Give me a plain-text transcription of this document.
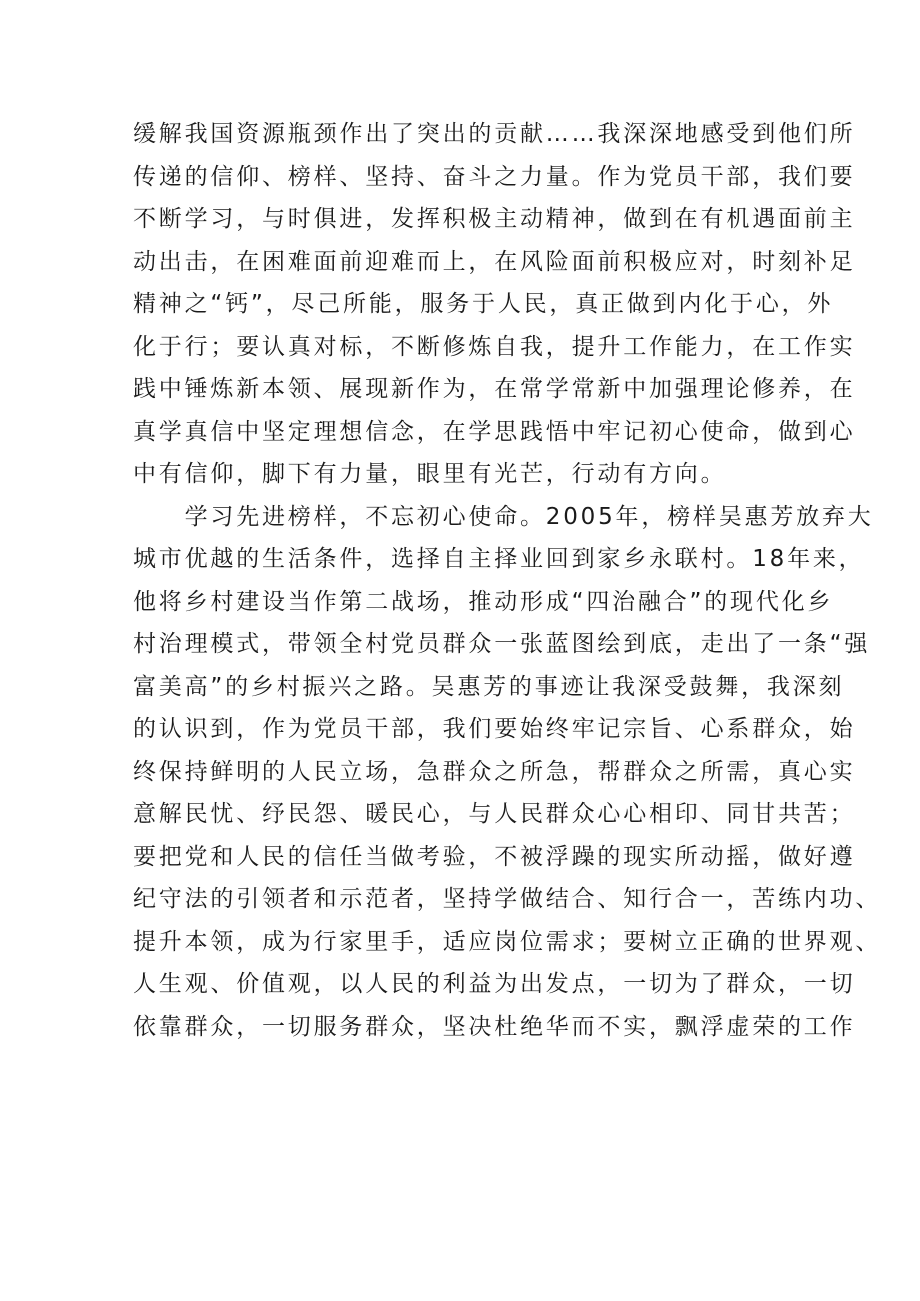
缓解我国资源瓶颈作出了突出的贡献……我深深地感受到他们所
传递的信仰、榜样、坚持、奋斗之力量。作为党员干部，我们要
不断学习，与时俱进，发挥积极主动精神，做到在有机遇面前主
动出击，在困难面前迎难而上，在风险面前积极应对，时刻补足
精神之“钙”，尽己所能，服务于人民，真正做到内化于心，外
化于行；要认真对标，不断修炼自我，提升工作能力，在工作实
践中锤炼新本领、展现新作为，在常学常新中加强理论修养，在
真学真信中坚定理想信念，在学思践悟中牢记初心使命，做到心
中有信仰，脚下有力量，眼里有光芒，行动有方向。
　　学习先进榜样，不忘初心使命。2005年，榜样吴惠芳放弃大
城市优越的生活条件，选择自主择业回到家乡永联村。18年来，
他将乡村建设当作第二战场，推动形成“四治融合”的现代化乡
村治理模式，带领全村党员群众一张蓝图绘到底，走出了一条“强
富美高”的乡村振兴之路。吴惠芳的事迹让我深受鼓舞，我深刻
的认识到，作为党员干部，我们要始终牢记宗旨、心系群众，始
终保持鲜明的人民立场，急群众之所急，帮群众之所需，真心实
意解民忧、纾民怨、暖民心，与人民群众心心相印、同甘共苦；
要把党和人民的信任当做考验，不被浮躁的现实所动摇，做好遵
纪守法的引领者和示范者，坚持学做结合、知行合一，苦练内功、
提升本领，成为行家里手，适应岗位需求；要树立正确的世界观、
人生观、价值观，以人民的利益为出发点，一切为了群众，一切
依靠群众，一切服务群众，坚决杜绝华而不实，飘浮虚荣的工作
